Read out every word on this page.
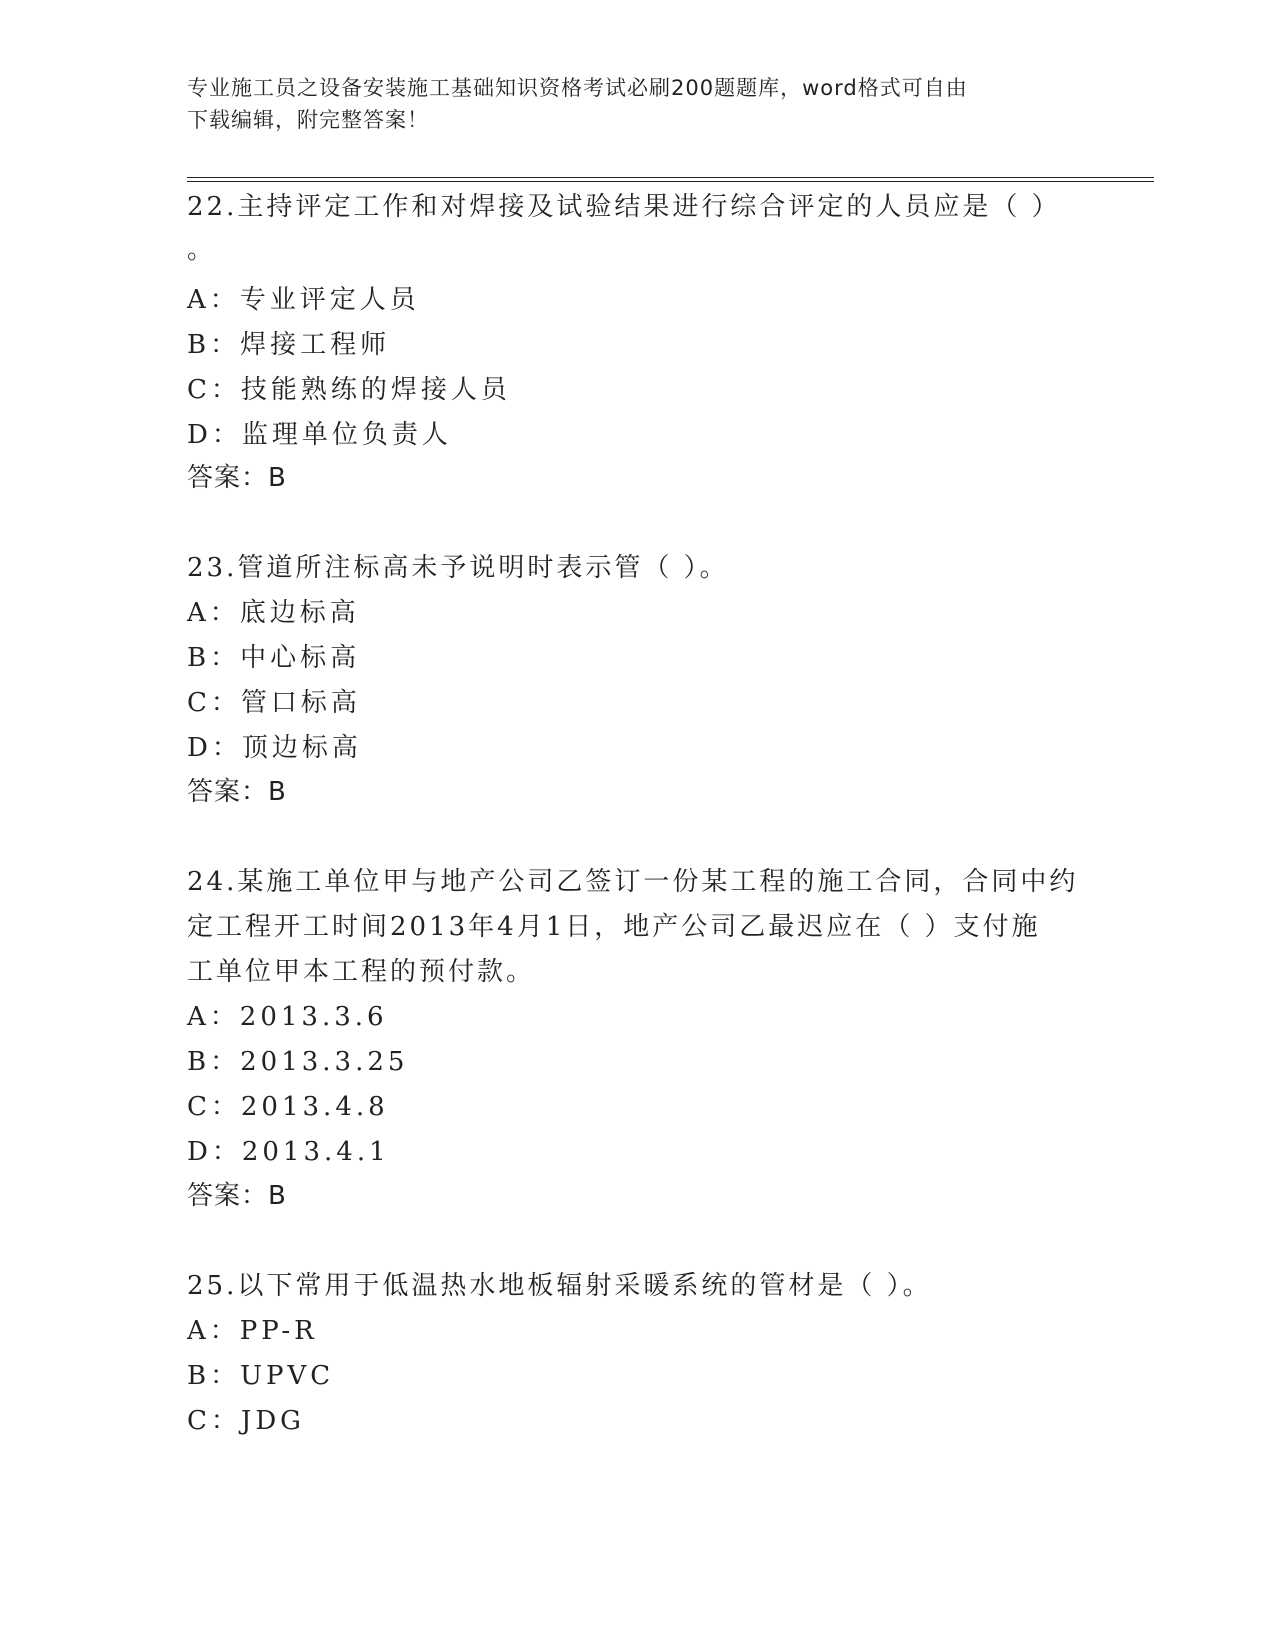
专业施工员之设备安装施工基础知识资格考试必刷200题题库，word格式可自由
下载编辑，附完整答案！
22.主持评定工作和对焊接及试验结果进行综合评定的人员应是（ ）
。
A：专业评定人员
B：焊接工程师
C：技能熟练的焊接人员
D：监理单位负责人
答案：B
23.管道所注标高未予说明时表示管（ ）。
A：底边标高
B：中心标高
C：管口标高
D：顶边标高
答案：B
24.某施工单位甲与地产公司乙签订一份某工程的施工合同，合同中约
定工程开工时间2013年4月1日，地产公司乙最迟应在（ ）支付施
工单位甲本工程的预付款。
A：2013.3.6
B：2013.3.25
C：2013.4.8
D：2013.4.1
答案：B
25.以下常用于低温热水地板辐射采暖系统的管材是（ ）。
A：PP-R
B：UPVC
C：JDG
